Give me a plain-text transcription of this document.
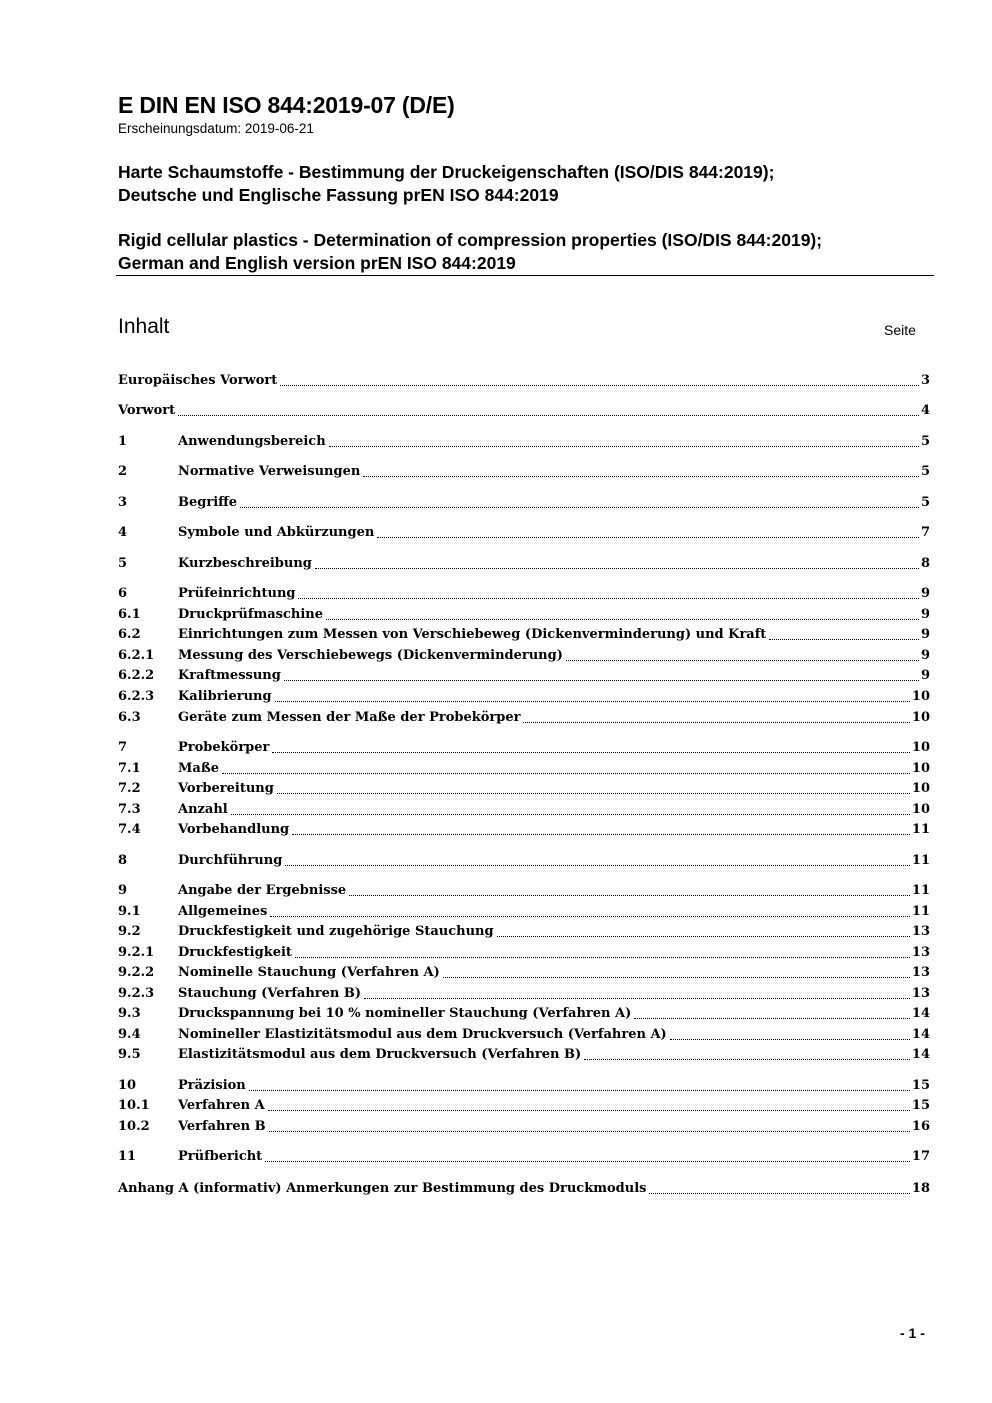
E DIN EN ISO 844:2019-07 (D/E)
Erscheinungsdatum: 2019-06-21
Harte Schaumstoffe - Bestimmung der Druckeigenschaften (ISO/DIS 844:2019);
Deutsche und Englische Fassung prEN ISO 844:2019
Rigid cellular plastics - Determination of compression properties (ISO/DIS 844:2019);
German and English version prEN ISO 844:2019
Inhalt	Seite
Europäisches Vorwort	3
Vorwort	4
1	Anwendungsbereich	5
2	Normative Verweisungen	5
3	Begriffe	5
4	Symbole und Abkürzungen	7
5	Kurzbeschreibung	8
6	Prüfeinrichtung	9
6.1	Druckprüfmaschine	9
6.2	Einrichtungen zum Messen von Verschiebeweg (Dickenverminderung) und Kraft	9
6.2.1 Messung des Verschiebewegs (Dickenverminderung)	9
6.2.2 Kraftmessung	9
6.2.3 Kalibrierung	10
6.3	Geräte zum Messen der Maße der Probekörper	10
7	Probekörper	10
7.1	Maße	10
7.2	Vorbereitung	10
7.3	Anzahl	10
7.4	Vorbehandlung	11
8	Durchführung	11
9	Angabe der Ergebnisse	11
9.1	Allgemeines	11
9.2	Druckfestigkeit und zugehörige Stauchung	13
9.2.1 Druckfestigkeit	13
9.2.2 Nominelle Stauchung (Verfahren A)	13
9.2.3 Stauchung (Verfahren B)	13
9.3	Druckspannung bei 10 % nomineller Stauchung (Verfahren A)	14
9.4	Nomineller Elastizitätsmodul aus dem Druckversuch (Verfahren A)	14
9.5	Elastizitätsmodul aus dem Druckversuch (Verfahren B)	14
10	Präzision	15
10.1 Verfahren A	15
10.2 Verfahren B	16
11	Prüfbericht	17
Anhang A (informativ) Anmerkungen zur Bestimmung des Druckmoduls	18
- 1 -
